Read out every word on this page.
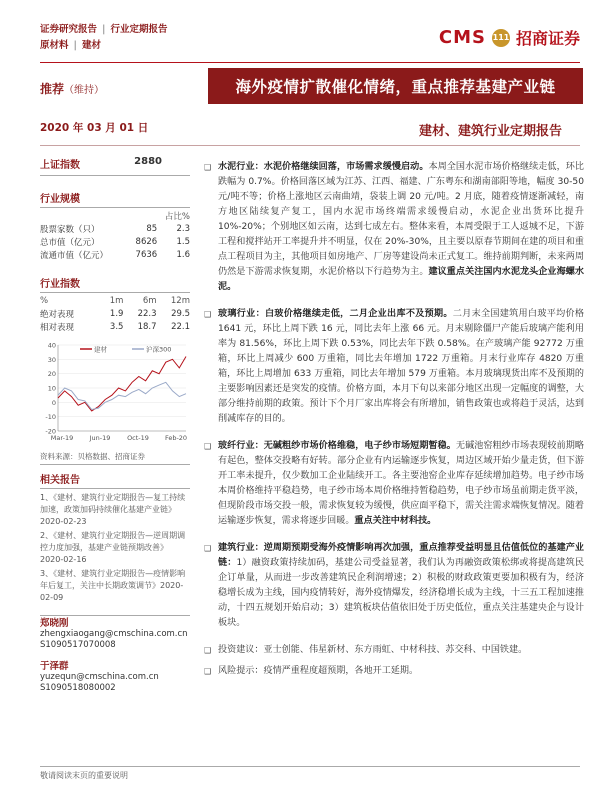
证券研究报告 | 行业定期报告
原材料 | 建材	CMS 111 招商证券
推荐（维持）	海外疫情扩散催化情绪，重点推荐基建产业链
2020 年 03 月 01 日	建材、建筑行业定期报告
上证指数	2880
行业规模
		占比%
股票家数（只）	85	2.3
总市值（亿元）	8626	1.5
流通市值（亿元）	7636	1.6
行业指数
%	1m	6m	12m
绝对表现	1.9	22.3	29.5
相对表现	3.5	18.7	22.1
-20
-10
0
10
20
30
40
Mar-19	Jun-19	Oct-19 Feb-20
建材	沪深300
资料来源：贝格数据、招商证券
相关报告

1、《建材、建筑行业定期报告—复工持续加速，政策加码持续催化基建产业链》2020-02-23

2、《建材、建筑行业定期报告—逆周期调控力度加强，基建产业链预期改善》2020-02-16

3、《建材、建筑行业定期报告—疫情影响年后复工，关注中长期政策调节》2020-02-09

郑晓刚
zhengxiaogang@cmschina.com.cn
S1090517070008
于泽群
yuzequn@cmschina.com.cn
S1090518080002
❑ 水泥行业：水泥价格继续回落，市场需求缓慢启动。本周全国水泥市场价格继续走低，环比跌幅为 0.7%。价格回落区域为江苏、江西、福建、广东粤东和湖南部阳等地，幅度 30-50 元/吨不等；价格上涨地区云南曲靖，袋装上调 20 元/吨。2 月底，随着疫情逐渐减轻，南方地区陆续复产复工，国内水泥市场终端需求缓慢启动，水泥企业出货环比提升 10%-20%；个别地区如云南，达到七成左右。整体来看，本周受限于工人返城不足，下游工程和搅拌站开工率提升并不明显，仅在 20%-30%，且主要以原春节期间在建的项目和重点工程项目为主，其他项目如房地产、厂房等建设尚未正式复工。维持前期判断，未来两周仍然是下游需求恢复期，水泥价格以下行趋势为主。建议重点关注国内水泥龙头企业海螺水泥。
❑ 玻璃行业：白玻价格继续走低，二月企业出库不及预期。二月末全国建筑用白玻平均价格 1641 元，环比上周下跌 16 元，同比去年上涨 66 元。月末剔除僵尸产能后玻璃产能利用率为 81.56%，环比上周下跌 0.53%，同比去年下跌 0.58%。在产玻璃产能 92772 万重箱，环比上周减少 600 万重箱，同比去年增加 1722 万重箱。月末行业库存 4820 万重箱，环比上周增加 633 万重箱，同比去年增加 579 万重箱。本月玻璃现货出库不及预期的主要影响因素还是突发的疫情。价格方面，本月下旬以来部分地区出现一定幅度的调整，大部分维持前期的政策。预计下个月厂家出库将会有所增加，销售政策也或将趋于灵活，达到削减库存的目的。
❑ 玻纤行业：无碱粗纱市场价格维稳，电子纱市场短期暂稳。无碱池窑粗纱市场表现较前期略有起色，整体交投略有好转。部分企业有内运输逐步恢复，周边区域开始少量走货，但下游开工率未提升，仅少数加工企业陆续开工。各主要池窑企业库存延续增加趋势。电子纱市场本周价格维持平稳趋势，电子纱市场本周价格维持暂稳趋势，电子纱市场虽前期走货平淡，但现阶段市场交投一般，需求恢复较为缓慢，供应面平稳下，需关注需求端恢复情况。随着运输逐步恢复，需求将逐步回暖。重点关注中材科技。
❑ 建筑行业：逆周期预期受海外疫情影响再次加强，重点推荐受益明显且估值低位的基建产业链：1）融资政策持续加码，基建公司受益显著，我们认为再融资政策松绑或将提高建筑民企订单量，从而进一步改善建筑民企利润增速；2）积极的财政政策更要加积极有为，经济稳增长成为主线，国内疫情转好，海外疫情爆发，经济稳增长成为主线，十三五工程加速推动，十四五规划开始启动；3）建筑板块估值依旧处于历史低位，重点关注基建央企与设计板块。
❑ 投资建议：亚士创能、伟星新材、东方雨虹、中材科技、苏交科、中国铁建。
❑ 风险提示：疫情严重程度超预期，各地开工延期。
敬请阅读末页的重要说明
